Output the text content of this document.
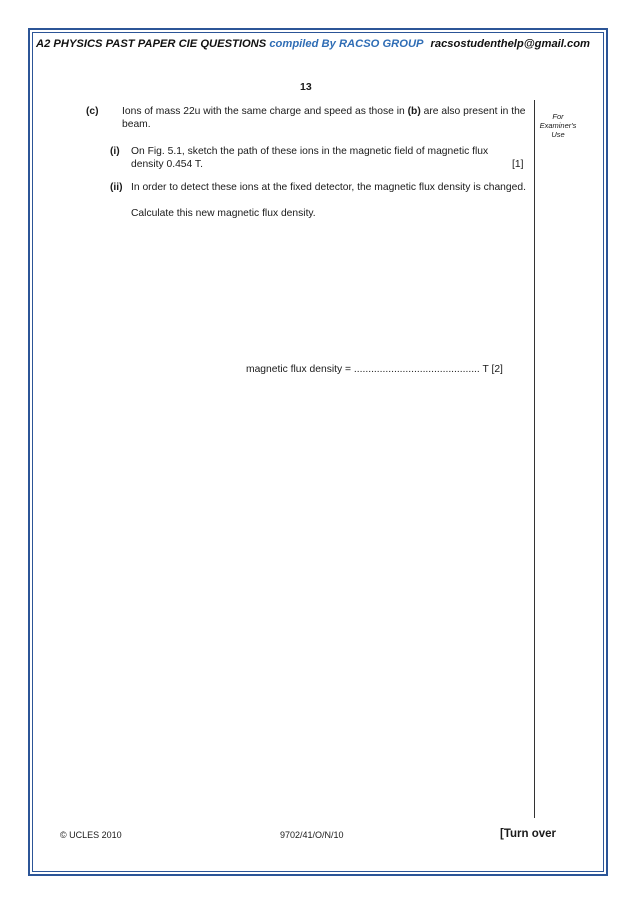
A2 PHYSICS PAST PAPER CIE QUESTIONS compiled By RACSO GROUP racsostudenthelp@gmail.com
13
For Examiner's Use
(c) Ions of mass 22u with the same charge and speed as those in (b) are also present in the beam.
(i) On Fig. 5.1, sketch the path of these ions in the magnetic field of magnetic flux density 0.454 T.	[1]
(ii) In order to detect these ions at the fixed detector, the magnetic flux density is changed.
Calculate this new magnetic flux density.
magnetic flux density = ............................................ T [2]
© UCLES 2010	9702/41/O/N/10	[Turn over
